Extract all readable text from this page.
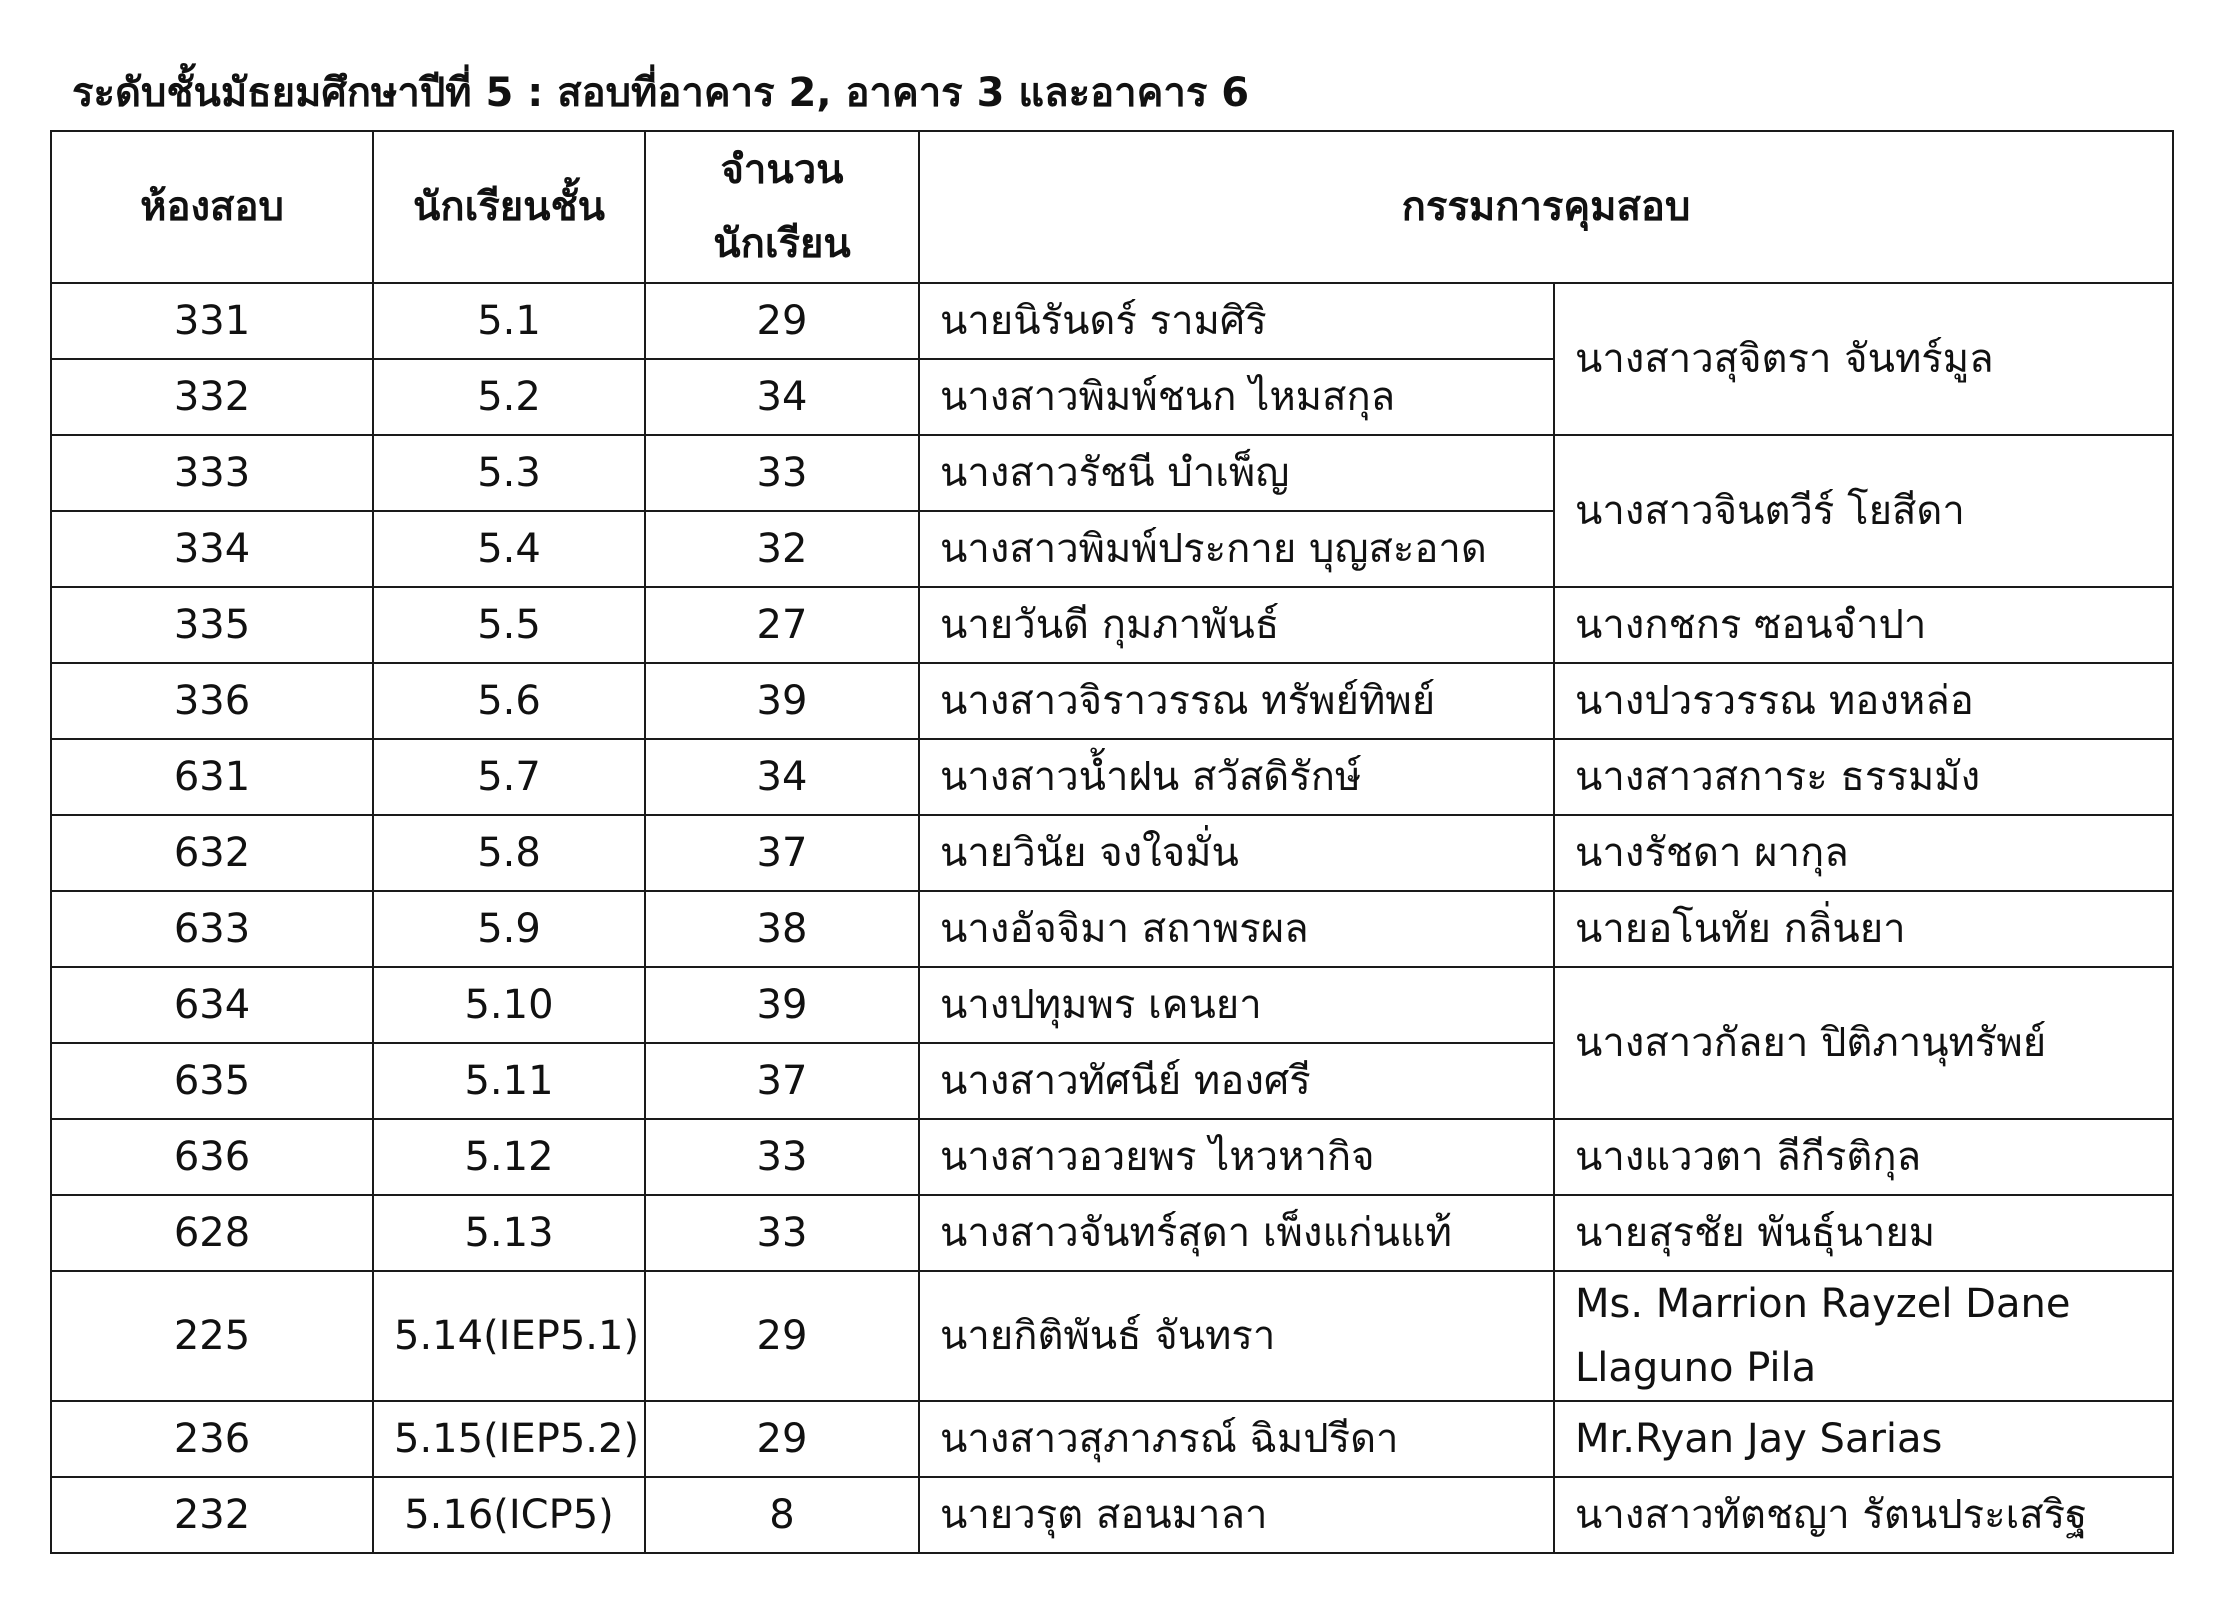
ระดับชั้นมัธยมศึกษาปีที่ 5 : สอบที่อาคาร 2, อาคาร 3 และอาคาร 6
ห้องสอบ	นักเรียนชั้น	จำนวนนักเรียน	กรรมการคุมสอบ	
331	5.1	29	นายนิรันดร์ รามศิริ	นางสาวสุจิตรา จันทร์มูล
332	5.2	34	นางสาวพิมพ์ชนก ไหมสกุล	
333	5.3	33	นางสาวรัชนี บำเพ็ญ	นางสาวจินตวีร์ โยสีดา
334	5.4	32	นางสาวพิมพ์ประกาย บุญสะอาด	
335	5.5	27	นายวันดี กุมภาพันธ์	นางกชกร ซอนจำปา
336	5.6	39	นางสาวจิราวรรณ ทรัพย์ทิพย์	นางปวรวรรณ ทองหล่อ
631	5.7	34	นางสาวน้ำฝน สวัสดิรักษ์	นางสาวสการะ ธรรมมัง
632	5.8	37	นายวินัย จงใจมั่น	นางรัชดา ผากุล
633	5.9	38	นางอัจจิมา สถาพรผล	นายอโนทัย กลิ่นยา
634	5.10	39	นางปทุมพร เคนยา	นางสาวกัลยา ปิติภานุทรัพย์
635	5.11	37	นางสาวทัศนีย์ ทองศรี	
636	5.12	33	นางสาวอวยพร ไหวหากิจ	นางแววตา ลีกีรติกุล
628	5.13	33	นางสาวจันทร์สุดา เพ็งแก่นแท้	นายสุรชัย พันธุ์นายม
225	5.14(IEP5.1)	29	นายกิติพันธ์ จันทรา	Ms. Marrion Rayzel Dane Llaguno Pila
236	5.15(IEP5.2)	29	นางสาวสุภาภรณ์ ฉิมปรีดา	Mr.Ryan Jay Sarias
232	5.16(ICP5)	8	นายวรุต สอนมาลา	นางสาวทัตชญา รัตนประเสริฐ
